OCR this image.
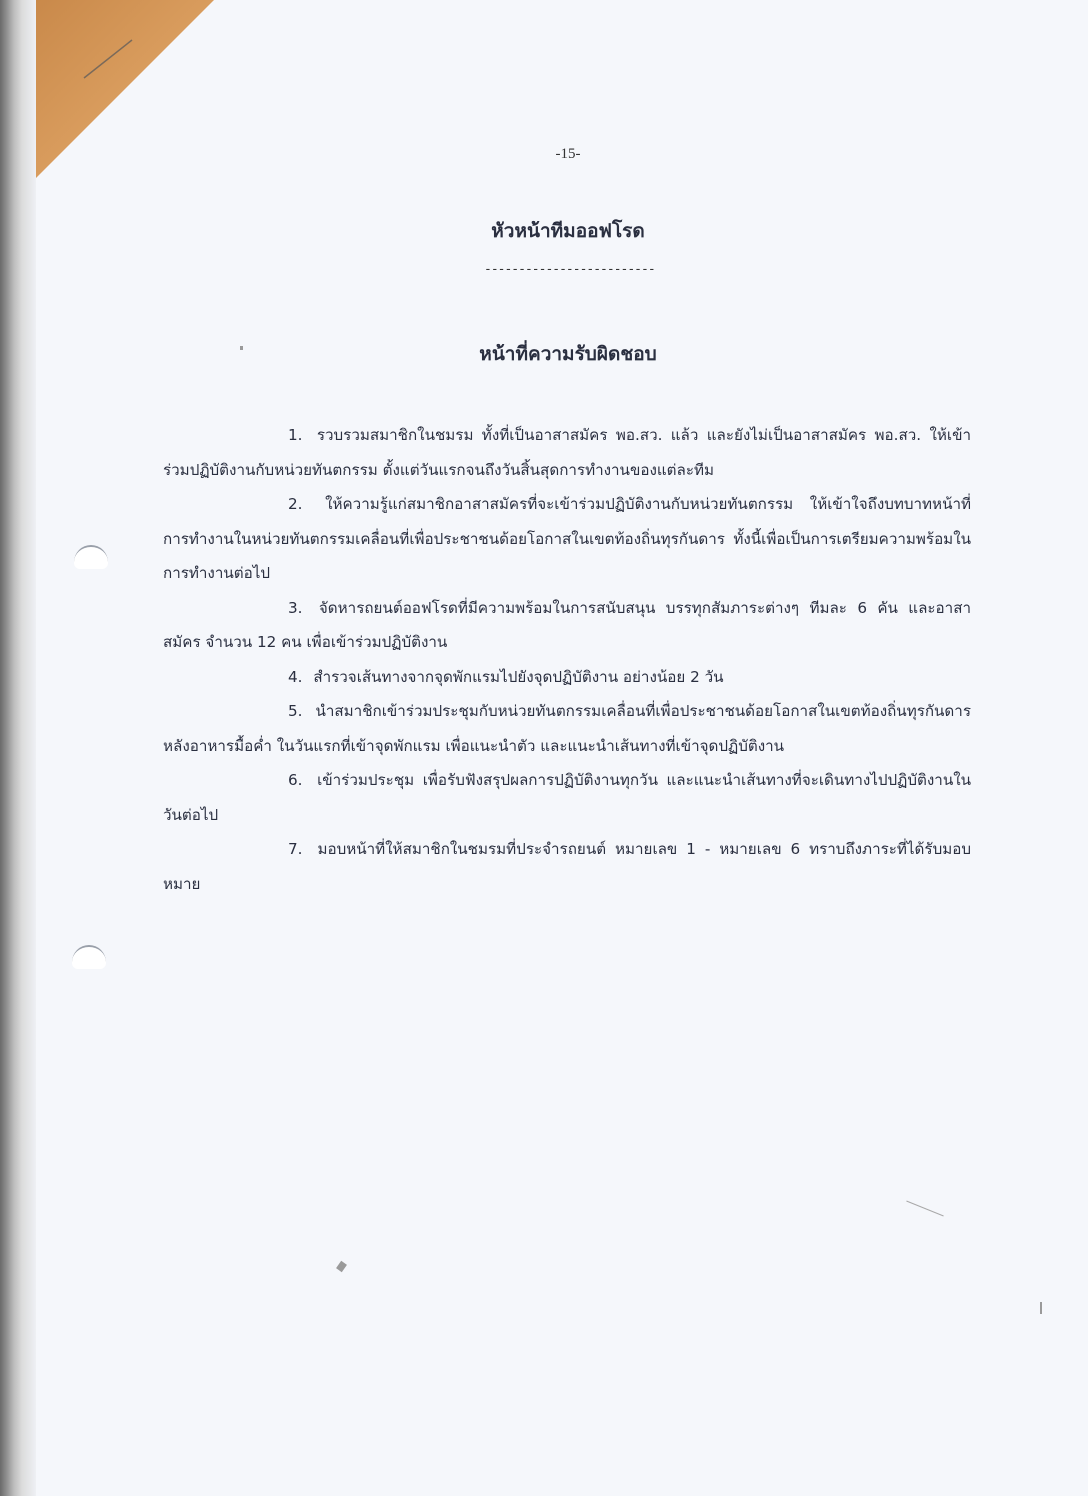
-15-
หัวหน้าทีมออฟโรด
-------------------------
หน้าที่ความรับผิดชอบ

1. รวบรวมสมาชิกในชมรม ทั้งที่เป็นอาสาสมัคร พอ.สว. แล้ว และยังไม่เป็นอาสาสมัคร พอ.สว. ให้เข้าร่วมปฏิบัติงานกับหน่วยทันตกรรม ตั้งแต่วันแรกจนถึงวันสิ้นสุดการทำงานของแต่ละทีม

2. ให้ความรู้แก่สมาชิกอาสาสมัครที่จะเข้าร่วมปฏิบัติงานกับหน่วยทันตกรรม ให้เข้าใจถึงบทบาทหน้าที่การทำงานในหน่วยทันตกรรมเคลื่อนที่เพื่อประชาชนด้อยโอกาสในเขตท้องถิ่นทุรกันดาร ทั้งนี้เพื่อเป็นการเตรียมความพร้อมในการทำงานต่อไป

3. จัดหารถยนต์ออฟโรดที่มีความพร้อมในการสนับสนุน บรรทุกสัมภาระต่างๆ ทีมละ 6 คัน และอาสาสมัคร จำนวน 12 คน เพื่อเข้าร่วมปฏิบัติงาน

4. สำรวจเส้นทางจากจุดพักแรมไปยังจุดปฏิบัติงาน อย่างน้อย 2 วัน

5. นำสมาชิกเข้าร่วมประชุมกับหน่วยทันตกรรมเคลื่อนที่เพื่อประชาชนด้อยโอกาสในเขตท้องถิ่นทุรกันดาร หลังอาหารมื้อค่ำ ในวันแรกที่เข้าจุดพักแรม เพื่อแนะนำตัว และแนะนำเส้นทางที่เข้าจุดปฏิบัติงาน

6. เข้าร่วมประชุม เพื่อรับฟังสรุปผลการปฏิบัติงานทุกวัน และแนะนำเส้นทางที่จะเดินทางไปปฏิบัติงานในวันต่อไป

7. มอบหน้าที่ให้สมาชิกในชมรมที่ประจำรถยนต์ หมายเลข 1 - หมายเลข 6 ทราบถึงภาระที่ได้รับมอบหมาย
